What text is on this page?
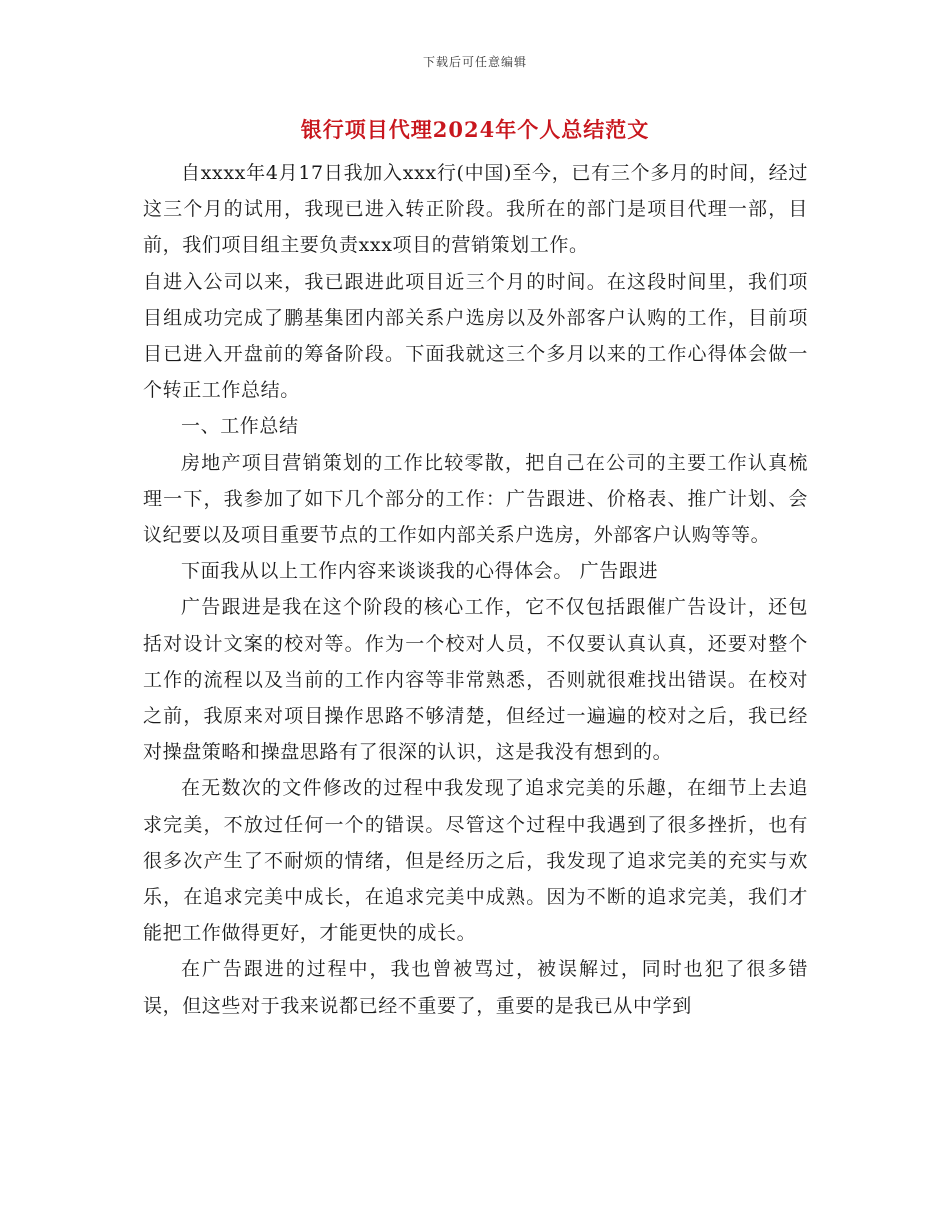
下载后可任意编辑
银行项目代理2024年个人总结范文

自xxxx年4月17日我加入xxx行(中国)至今，已有三个多月的时间，经过这三个月的试用，我现已进入转正阶段。我所在的部门是项目代理一部，目前，我们项目组主要负责xxx项目的营销策划工作。
自进入公司以来，我已跟进此项目近三个月的时间。在这段时间里，我们项目组成功完成了鹏基集团内部关系户选房以及外部客户认购的工作，目前项目已进入开盘前的筹备阶段。下面我就这三个多月以来的工作心得体会做一个转正工作总结。

一、工作总结

房地产项目营销策划的工作比较零散，把自己在公司的主要工作认真梳理一下，我参加了如下几个部分的工作：广告跟进、价格表、推广计划、会议纪要以及项目重要节点的工作如内部关系户选房，外部客户认购等等。

下面我从以上工作内容来谈谈我的心得体会。 广告跟进

广告跟进是我在这个阶段的核心工作，它不仅包括跟催广告设计，还包括对设计文案的校对等。作为一个校对人员，不仅要认真认真，还要对整个工作的流程以及当前的工作内容等非常熟悉，否则就很难找出错误。在校对之前，我原来对项目操作思路不够清楚，但经过一遍遍的校对之后，我已经对操盘策略和操盘思路有了很深的认识，这是我没有想到的。

在无数次的文件修改的过程中我发现了追求完美的乐趣，在细节上去追求完美，不放过任何一个的错误。尽管这个过程中我遇到了很多挫折，也有很多次产生了不耐烦的情绪，但是经历之后，我发现了追求完美的充实与欢乐，在追求完美中成长，在追求完美中成熟。因为不断的追求完美，我们才能把工作做得更好，才能更快的成长。

在广告跟进的过程中，我也曾被骂过，被误解过，同时也犯了很多错误，但这些对于我来说都已经不重要了，重要的是我已从中学到
